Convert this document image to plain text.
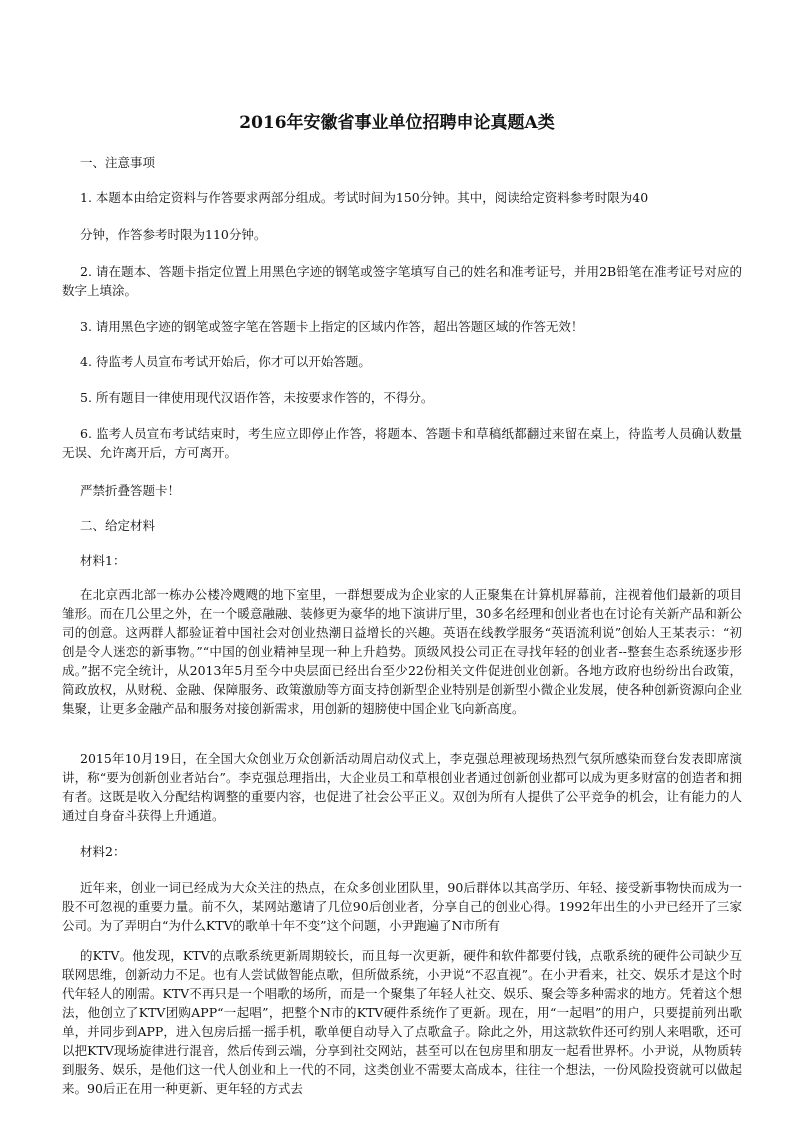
2016年安徽省事业单位招聘申论真题A类

一、注意事项

1. 本题本由给定资料与作答要求两部分组成。考试时间为150分钟。其中，阅读给定资料参考时限为40

分钟，作答参考时限为110分钟。

2. 请在题本、答题卡指定位置上用黑色字迹的钢笔或签字笔填写自己的姓名和准考证号，并用2B铅笔在准考证号对应的数字上填涂。

3. 请用黑色字迹的钢笔或签字笔在答题卡上指定的区域内作答，超出答题区域的作答无效！

4. 待监考人员宣布考试开始后，你才可以开始答题。

5. 所有题目一律使用现代汉语作答，未按要求作答的，不得分。

6. 监考人员宣布考试结束时，考生应立即停止作答，将题本、答题卡和草稿纸都翻过来留在桌上，待监考人员确认数量无误、允许离开后，方可离开。

严禁折叠答题卡！

二、给定材料

材料1：

在北京西北部一栋办公楼冷飕飕的地下室里，一群想要成为企业家的人正聚集在计算机屏幕前，注视着他们最新的项目雏形。而在几公里之外，在一个暖意融融、装修更为豪华的地下演讲厅里，30多名经理和创业者也在讨论有关新产品和新公司的创意。这两群人都验证着中国社会对创业热潮日益增长的兴趣。英语在线教学服务“英语流利说”创始人王某表示：“初创是令人迷恋的新事物。”“中国的创业精神呈现一种上升趋势。顶级风投公司正在寻找年轻的创业者--整套生态系统逐步形成。”据不完全统计，从2013年5月至今中央层面已经出台至少22份相关文件促进创业创新。各地方政府也纷纷出台政策，简政放权，从财税、金融、保障服务、政策激励等方面支持创新型企业特别是创新型小微企业发展，使各种创新资源向企业集聚，让更多金融产品和服务对接创新需求，用创新的翅膀使中国企业飞向新高度。

2015年10月19日，在全国大众创业万众创新活动周启动仪式上，李克强总理被现场热烈气氛所感染而登台发表即席演讲，称“要为创新创业者站台”。李克强总理指出，大企业员工和草根创业者通过创新创业都可以成为更多财富的创造者和拥有者。这既是收入分配结构调整的重要内容，也促进了社会公平正义。双创为所有人提供了公平竞争的机会，让有能力的人通过自身奋斗获得上升通道。

材料2：

近年来，创业一词已经成为大众关注的热点，在众多创业团队里，90后群体以其高学历、年轻、接受新事物快而成为一股不可忽视的重要力量。前不久，某网站邀请了几位90后创业者，分享自己的创业心得。1992年出生的小尹已经开了三家公司。为了弄明白“为什么KTV的歌单十年不变”这个问题，小尹跑遍了N市所有

的KTV。他发现，KTV的点歌系统更新周期较长，而且每一次更新，硬件和软件都要付钱，点歌系统的硬件公司缺少互联网思维，创新动力不足。也有人尝试做智能点歌，但所做系统，小尹说“不忍直视”。在小尹看来，社交、娱乐才是这个时代年轻人的刚需。KTV不再只是一个唱歌的场所，而是一个聚集了年轻人社交、娱乐、聚会等多种需求的地方。凭着这个想法，他创立了KTV团购APP“一起唱”，把整个N市的KTV硬件系统作了更新。现在，用“一起唱”的用户，只要提前列出歌单，并同步到APP，进入包房后摇一摇手机，歌单便自动导入了点歌盒子。除此之外，用这款软件还可约别人来唱歌，还可以把KTV现场旋律进行混音，然后传到云端，分享到社交网站，甚至可以在包房里和朋友一起看世界杯。小尹说，从物质转到服务、娱乐，是他们这一代人创业和上一代的不同，这类创业不需要太高成本，往往一个想法，一份风险投资就可以做起来。90后正在用一种更新、更年轻的方式去
